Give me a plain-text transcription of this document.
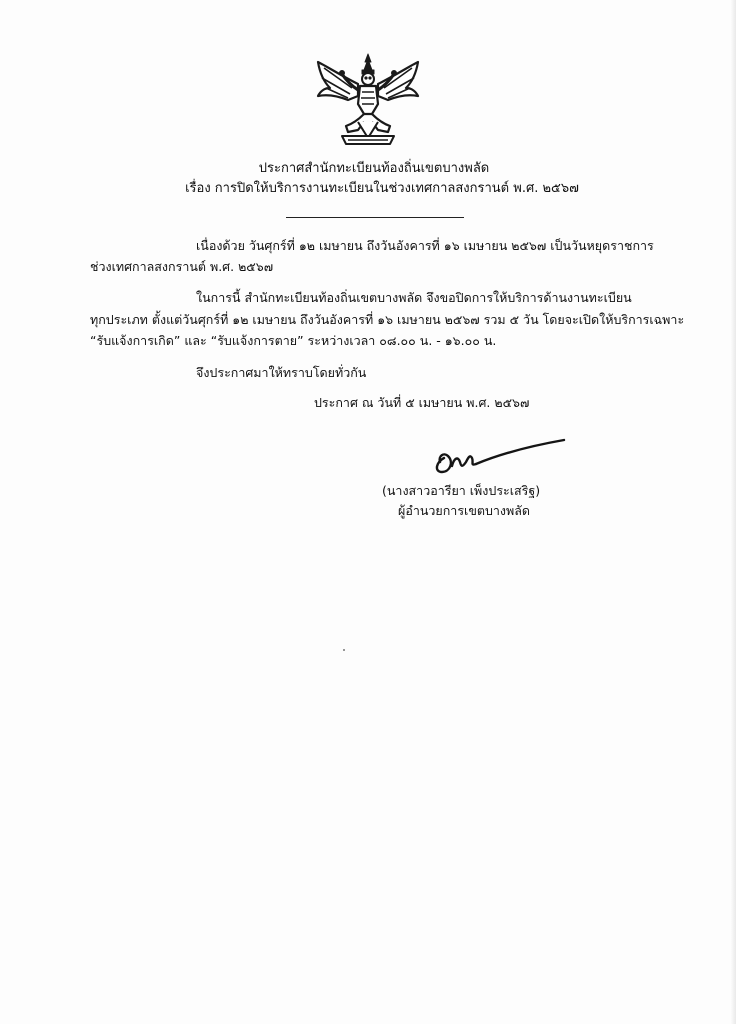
ประกาศสำนักทะเบียนท้องถิ่นเขตบางพลัด
เรื่อง การปิดให้บริการงานทะเบียนในช่วงเทศกาลสงกรานต์ พ.ศ. ๒๕๖๗
เนื่องด้วย วันศุกร์ที่ ๑๒ เมษายน ถึงวันอังคารที่ ๑๖ เมษายน ๒๕๖๗ เป็นวันหยุดราชการ
ช่วงเทศกาลสงกรานต์ พ.ศ. ๒๕๖๗
ในการนี้ สำนักทะเบียนท้องถิ่นเขตบางพลัด จึงขอปิดการให้บริการด้านงานทะเบียน
ทุกประเภท ตั้งแต่วันศุกร์ที่ ๑๒ เมษายน ถึงวันอังคารที่ ๑๖ เมษายน ๒๕๖๗ รวม ๕ วัน โดยจะเปิดให้บริการเฉพาะ
“รับแจ้งการเกิด” และ “รับแจ้งการตาย” ระหว่างเวลา ๐๘.๐๐ น. - ๑๖.๐๐ น.
จึงประกาศมาให้ทราบโดยทั่วกัน
ประกาศ ณ วันที่ ๕ เมษายน พ.ศ. ๒๕๖๗
(นางสาวอารียา เพ็งประเสริฐ)
ผู้อำนวยการเขตบางพลัด
